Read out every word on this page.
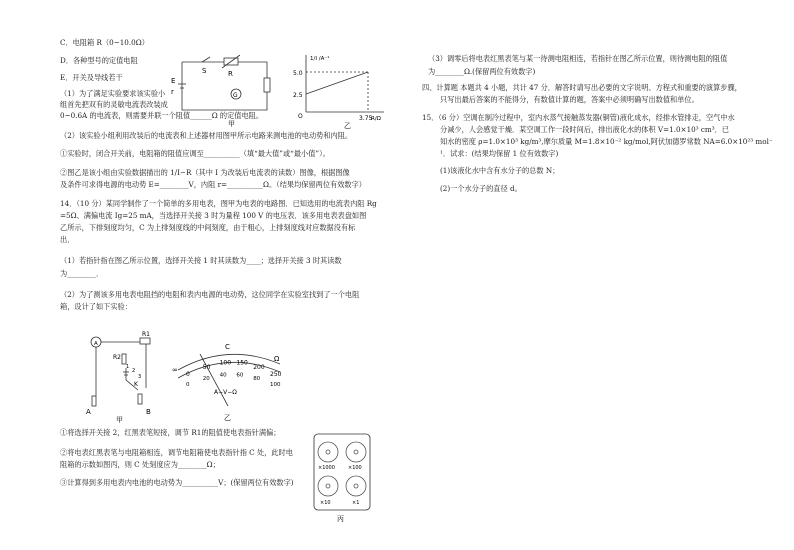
C．电阻箱 R（0~10.0Ω）
D．各种型号的定值电阻
E．开关及导线若干
（1）为了满足实验要求该实验小
组首先把双有的灵敏电流表改装成
0~0.6A 的电流表，则需要并联一个阻值______Ω 的定值电阻。
（2）该实验小组利用改装后的电流表和上述器材用图甲所示电路来测电池的电动势和内阻。
①实验时，闭合开关前，电阻箱的阻值应调至__________（填“最大值”或“最小值”）。
②图乙是该小组由实验数据描出的 1/I−R（其中 I 为改装后电流表的读数）图像，根据图像
及条件可求得电源的电动势 E=________V，内阻 r=__________Ω。（结果均保留两位有效数字）
14．（10 分）某同学制作了一个简单的多用电表，图甲为电表的电路图．已知选用的电流表内阻 Rg
=5Ω、满偏电流 Ig=25 mA，当选择开关接 3 时为量程 100 V 的电压表．该多用电表表盘如图
乙所示，下排刻度均匀，C 为上排刻度线的中间刻度，由于粗心，上排刻度线对应数据没有标
出．
（1）若指针指在图乙所示位置，选择开关接 1 时其读数为____；选择开关接 3 时其读数
为________．
（2）为了测该多用电表电阻挡的电阻和表内电源的电动势，这位同学在实验室找到了一个电阻
箱，设计了如下实验：
①将选择开关接 2，红黑表笔短接，调节 R1的阻值使电表指针满偏；
②将电表红黑表笔与电阻箱相连，调节电阻箱使电表指针指 C 处，此时电
阻箱的示数如图丙，则 C 处刻度应为________Ω；
③计算得到多用电表内电池的电动势为__________V；(保留两位有效数字)
（3）调零后将电表红黑表笔与某一待测电阻相连，若指针在图乙所示位置，则待测电阻的阻值
为________Ω.(保留两位有效数字)
四、计算题 本题共 4 小题，共计 47 分．解答时请写出必要的文字说明、方程式和重要的演算步骤，
只写出最后答案的不能得分，有数值计算的题，答案中必须明确写出数值和单位。
15．（6 分）空调在制冷过程中，室内水蒸气接触蒸发器(铜管)液化成水，经排水管排走，空气中水
分减少，人会感觉干燥．某空调工作一段时间后，排出液化水的体积 V=1.0×10³ cm³．已
知水的密度 ρ=1.0×10³ kg/m³,摩尔质量 M=1.8×10⁻² kg/mol,阿伏加德罗常数 NA=6.0×10²³ mol⁻
¹．试求：(结果均保留 1 位有效数字)
(1)该液化水中含有水分子的总数 N；
(2)一个水分子的直径 d。
E
r
S	R
G
甲
1/I /A⁻¹
5.0
2.5
O	3.75
R/Ω
乙
A
R1
R2
K
A	B
1
2
3
甲
0
50
100 150
200
250
0
20
40 60
80
100
C
∞
Ω
A−V−Ω
乙
×1000	×100
×10	×1
丙
